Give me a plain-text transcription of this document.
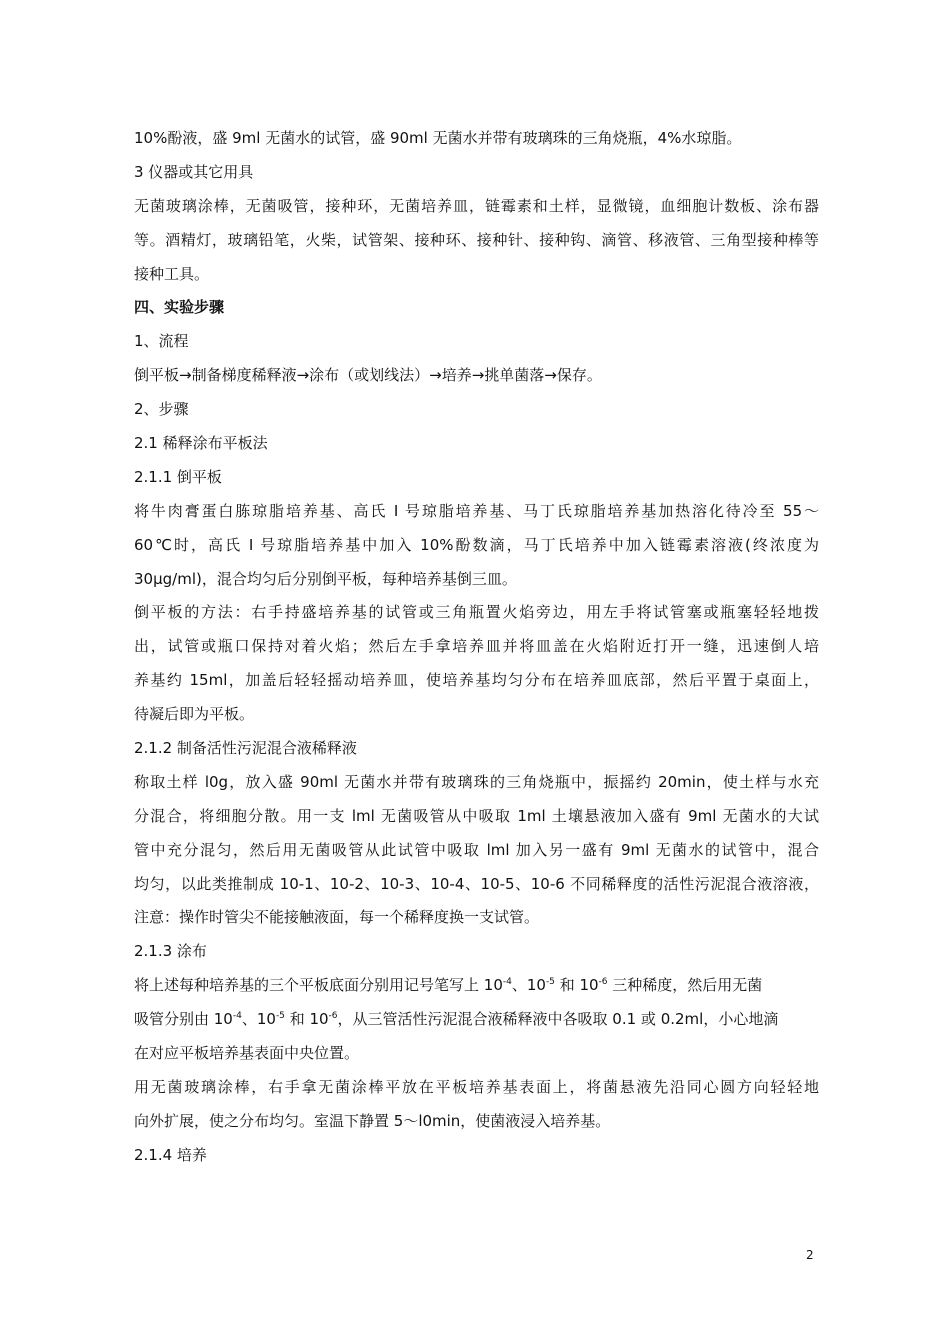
10%酚液，盛 9ml 无菌水的试管，盛 90ml 无菌水并带有玻璃珠的三角烧瓶，4%水琼脂。
3 仪器或其它用具
无菌玻璃涂棒，无菌吸管，接种环，无菌培养皿，链霉素和土样，显微镜，血细胞计数板、涂布器
等。酒精灯，玻璃铅笔，火柴，试管架、接种环、接种针、接种钩、滴管、移液管、三角型接种棒等
接种工具。
四、实验步骤
1、流程
倒平板→制备梯度稀释液→涂布（或划线法）→培养→挑单菌落→保存。
2、步骤
2.1 稀释涂布平板法
2.1.1 倒平板
将牛肉膏蛋白胨琼脂培养基、高氏 I 号琼脂培养基、马丁氏琼脂培养基加热溶化待冷至 55～
60℃时，高氏 I 号琼脂培养基中加入 10%酚数滴，马丁氏培养中加入链霉素溶液(终浓度为
30μg/ml)，混合均匀后分别倒平板，每种培养基倒三皿。
倒平板的方法：右手持盛培养基的试管或三角瓶置火焰旁边，用左手将试管塞或瓶塞轻轻地拨
出，试管或瓶口保持对着火焰；然后左手拿培养皿并将皿盖在火焰附近打开一缝，迅速倒人培
养基约 15ml，加盖后轻轻摇动培养皿，使培养基均匀分布在培养皿底部，然后平置于桌面上，
待凝后即为平板。
2.1.2 制备活性污泥混合液稀释液
称取土样 l0g，放入盛 90ml 无菌水并带有玻璃珠的三角烧瓶中，振摇约 20min，使土样与水充
分混合，将细胞分散。用一支 lml 无菌吸管从中吸取 1ml 土壤悬液加入盛有 9ml 无菌水的大试
管中充分混匀，然后用无菌吸管从此试管中吸取 lml 加入另一盛有 9ml 无菌水的试管中，混合
均匀，以此类推制成 10-1、10-2、10-3、10-4、10-5、10-6 不同稀释度的活性污泥混合液溶液，
注意：操作时管尖不能接触液面，每一个稀释度换一支试管。
2.1.3 涂布
将上述每种培养基的三个平板底面分别用记号笔写上 $10^{-4}$、$10^{-5}$ 和 $10^{-6}$ 三种稀度，然后用无菌
吸管分别由 $10^{-4}$、$10^{-5}$ 和 $10^{-6}$，从三管活性污泥混合液稀释液中各吸取 0.1 或 0.2ml，小心地滴
在对应平板培养基表面中央位置。
用无菌玻璃涂棒，右手拿无菌涂棒平放在平板培养基表面上，将菌悬液先沿同心圆方向轻轻地
向外扩展，使之分布均匀。室温下静置 5～l0min，使菌液浸入培养基。
2.1.4 培养
2
